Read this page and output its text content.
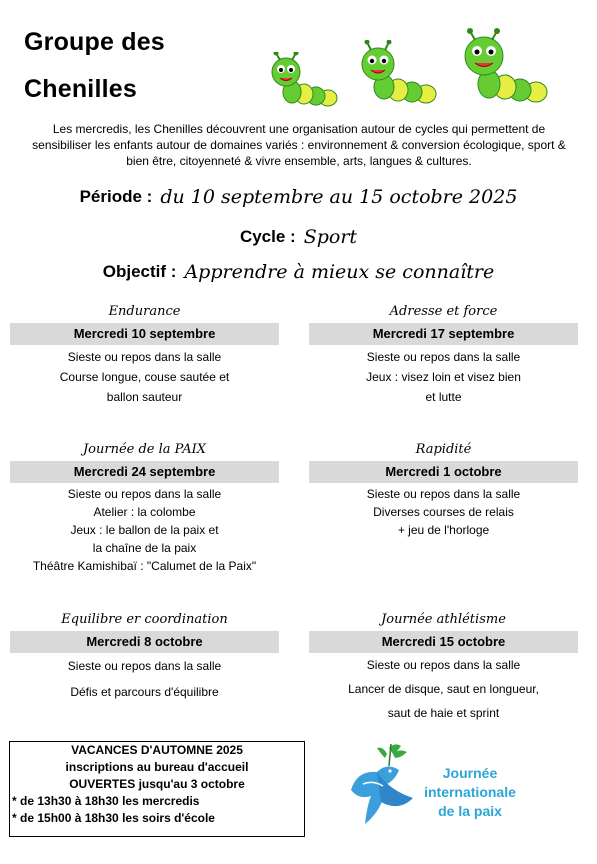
Groupe des
Chenilles
Les mercredis, les Chenilles découvrent une organisation autour de cycles qui permettent de
sensibiliser les enfants autour de domaines variés : environnement & conversion écologique, sport &
bien être, citoyenneté & vivre ensemble, arts, langues & cultures.
Période : du 10 septembre au 15 octobre 2025
Cycle : Sport
Objectif : Apprendre à mieux se connaître
Endurance
Mercredi 10 septembre
Sieste ou repos dans la salle
Course longue, couse sautée et
ballon sauteur
Adresse et force
Mercredi 17 septembre
Sieste ou repos dans la salle
Jeux : visez loin et visez bien
et lutte
Journée de la PAIX
Mercredi 24 septembre
Sieste ou repos dans la salle
Atelier : la colombe
Jeux : le ballon de la paix et
la chaîne de la paix
Théâtre Kamishibaï : "Calumet de la Paix"
Rapidité
Mercredi 1 octobre
Sieste ou repos dans la salle
Diverses courses de relais
+ jeu de l'horloge
Equilibre er coordination
Mercredi 8 octobre
Sieste ou repos dans la salle
Défis et parcours d'équilibre
Journée athlétisme
Mercredi 15 octobre
Sieste ou repos dans la salle
Lancer de disque, saut en longueur,
saut de haie et sprint
VACANCES D'AUTOMNE 2025
inscriptions au bureau d'accueil
OUVERTES jusqu'au 3 octobre
* de 13h30 à 18h30 les mercredis
* de 15h00 à 18h30 les soirs d'école
Journée
internationale
de la paix
